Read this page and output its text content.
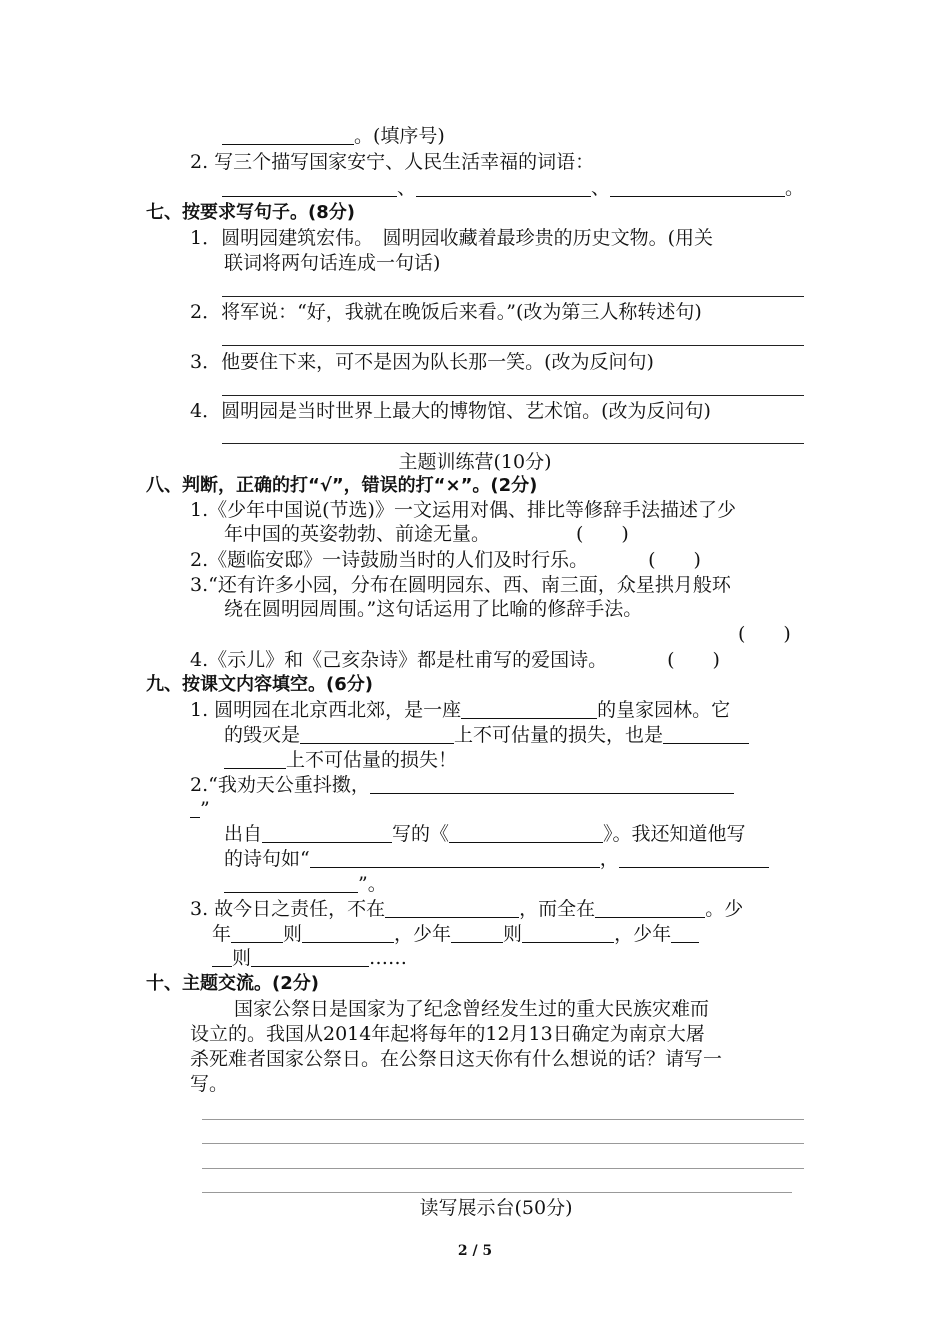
。(填序号)
2. 写三个描写国家安宁、人民生活幸福的词语：
、	、	。
七、按要求写句子。(8分)
1．圆明园建筑宏伟。　圆明园收藏着最珍贵的历史文物。(用关
联词将两句话连成一句话)
2．将军说：“好，我就在晚饭后来看。”(改为第三人称转述句)
3．他要住下来，可不是因为队长那一笑。(改为反问句)
4．圆明园是当时世界上最大的博物馆、艺术馆。(改为反问句)
主题训练营(10分)
八、判断，正确的打“√”，错误的打“×”。(2分)
1.《少年中国说(节选)》一文运用对偶、排比等修辞手法描述了少
年中国的英姿勃勃、前途无量。	(　　)
2.《题临安邸》一诗鼓励当时的人们及时行乐。	(　　)
3.“还有许多小园，分布在圆明园东、西、南三面，众星拱月般环
绕在圆明园周围。”这句话运用了比喻的修辞手法。
(　　)
4.《示儿》和《己亥杂诗》都是杜甫写的爱国诗。	(　　)
九、按课文内容填空。(6分)
1. 圆明园在北京西北郊，是一座	的皇家园林。它
的毁灭是	上不可估量的损失，也是
上不可估量的损失！
2.“我劝天公重抖擞，
”
出自	写的《	》。我还知道他写
的诗句如“	，
”。
3. 故今日之责任，不在	，而全在	。少
年	则	，少年	则	，少年
则	……
十、主题交流。(2分)
国家公祭日是国家为了纪念曾经发生过的重大民族灾难而
设立的。我国从2014年起将每年的12月13日确定为南京大屠
杀死难者国家公祭日。在公祭日这天你有什么想说的话？请写一
写。
读写展示台(50分)
2 / 5
